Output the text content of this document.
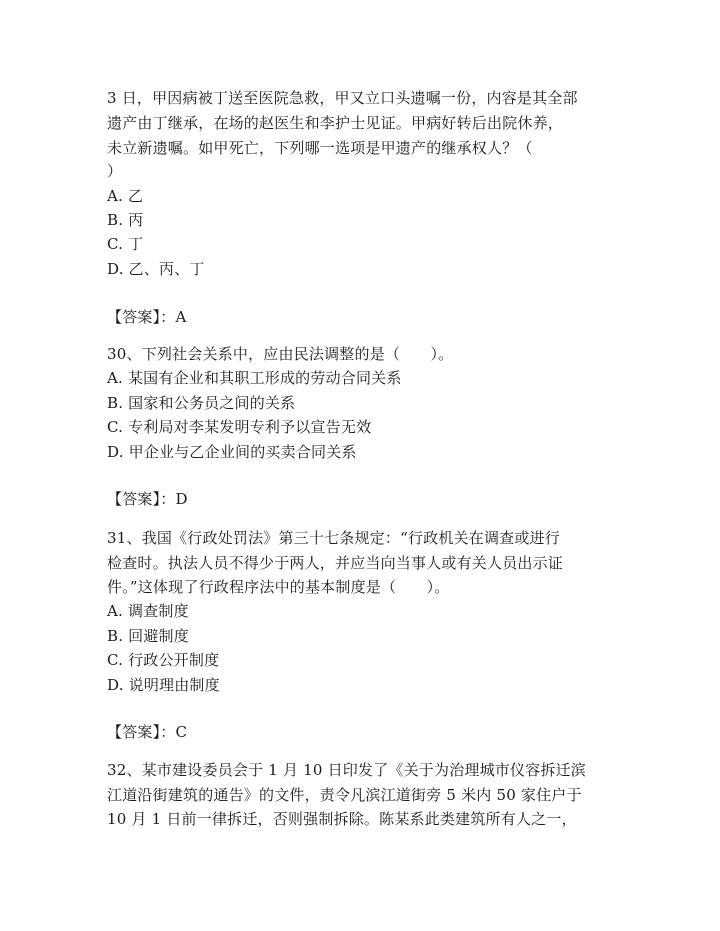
3 日，甲因病被丁送至医院急救，甲又立口头遗嘱一份，内容是其全部
遗产由丁继承，在场的赵医生和李护士见证。甲病好转后出院休养，
未立新遗嘱。如甲死亡，下列哪一选项是甲遗产的继承权人？（
）
A. 乙
B. 丙
C. 丁
D. 乙、丙、丁
【答案】：A
30、下列社会关系中，应由民法调整的是（　　）。
A. 某国有企业和其职工形成的劳动合同关系
B. 国家和公务员之间的关系
C. 专利局对李某发明专利予以宣告无效
D. 甲企业与乙企业间的买卖合同关系
【答案】：D
31、我国《行政处罚法》第三十七条规定：“行政机关在调查或进行
检查时。执法人员不得少于两人，并应当向当事人或有关人员出示证
件。”这体现了行政程序法中的基本制度是（　　）。
A. 调查制度
B. 回避制度
C. 行政公开制度
D. 说明理由制度
【答案】：C
32、某市建设委员会于 1 月 10 日印发了《关于为治理城市仪容拆迁滨
江道沿街建筑的通告》的文件，责令凡滨江道街旁 5 米内 50 家住户于
10 月 1 日前一律拆迁，否则强制拆除。陈某系此类建筑所有人之一，
